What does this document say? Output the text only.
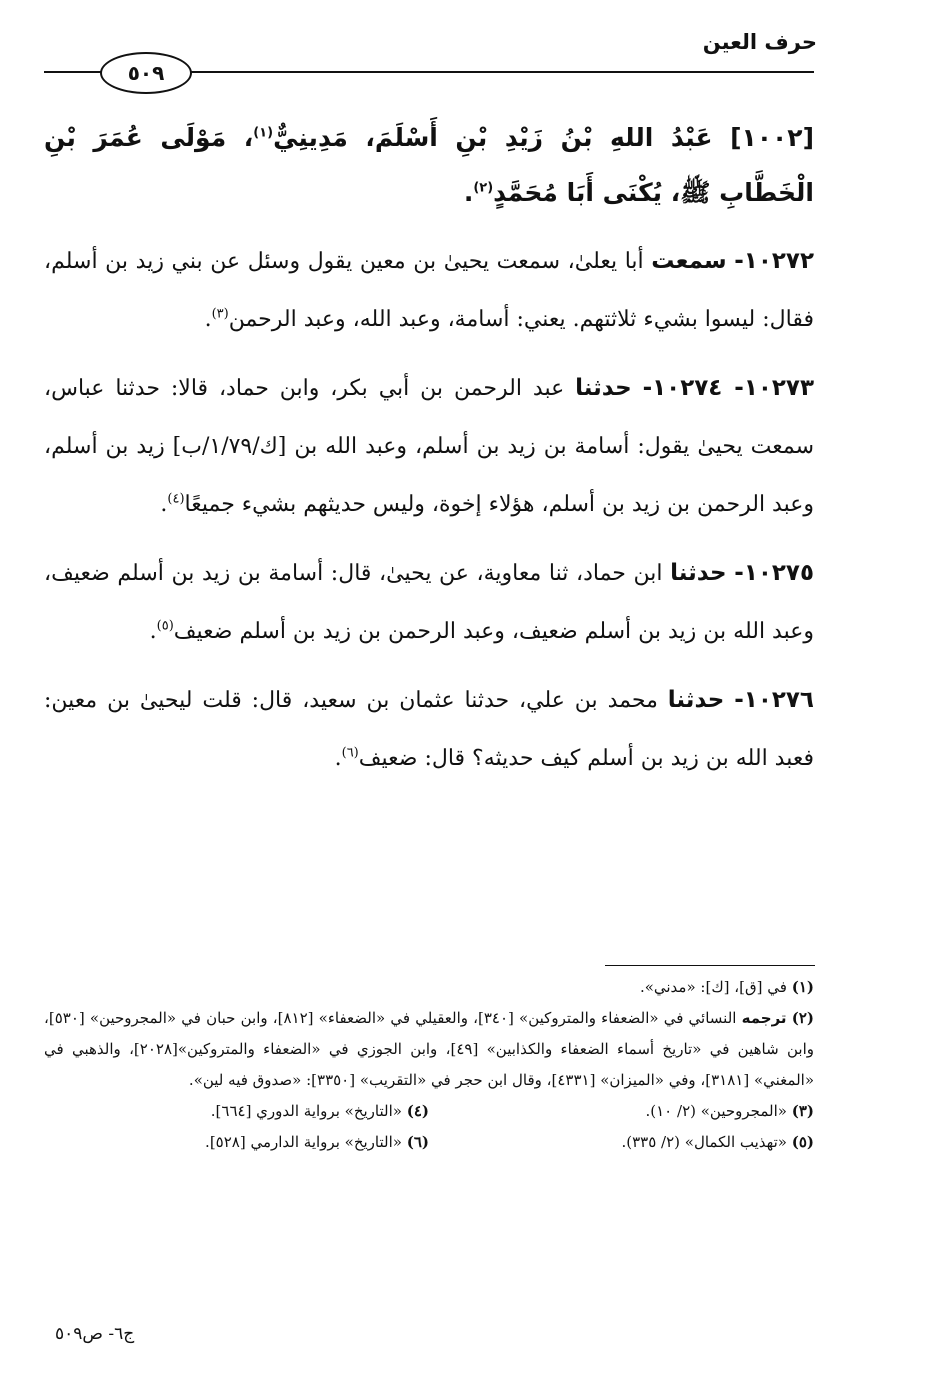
حرف العين
٥٠٩

[١٠٠٢] عَبْدُ اللهِ بْنُ زَيْدِ بْنِ أَسْلَمَ، مَدِينِيٌّ$^{(١)}$، مَوْلَى عُمَرَ بْنِ الْخَطَّابِ ﷺ، يُكْنَى أَبَا مُحَمَّدٍ$^{(٢)}$.

١٠٢٧٢- سمعت أبا يعلىٰ، سمعت يحيىٰ بن معين يقول وسئل عن بني زيد بن أسلم، فقال: ليسوا بشيء ثلاثتهم. يعني: أسامة، وعبد الله، وعبد الرحمن$^{(٣)}$.

١٠٢٧٣- ١٠٢٧٤- حدثنا عبد الرحمن بن أبي بكر، وابن حماد، قالا: حدثنا عباس، سمعت يحيىٰ يقول: أسامة بن زيد بن أسلم، وعبد الله بن [ك/١/٧٩/ب] زيد بن أسلم، وعبد الرحمن بن زيد بن أسلم، هؤلاء إخوة، وليس حديثهم بشيء جميعًا$^{(٤)}$.

١٠٢٧٥- حدثنا ابن حماد، ثنا معاوية، عن يحيىٰ، قال: أسامة بن زيد بن أسلم ضعيف، وعبد الله بن زيد بن أسلم ضعيف، وعبد الرحمن بن زيد بن أسلم ضعيف$^{(٥)}$.

١٠٢٧٦- حدثنا محمد بن علي، حدثنا عثمان بن سعيد، قال: قلت ليحيىٰ بن معين: فعبد الله بن زيد بن أسلم كيف حديثه؟ قال: ضعيف$^{(٦)}$.

(١) في [ق]، [ك]: «مدني».
(٢) ترجمه النسائي في «الضعفاء والمتروكين» [٣٤٠]، والعقيلي في «الضعفاء» [٨١٢]، وابن حبان في «المجروحين» [٥٣٠]، وابن شاهين في «تاريخ أسماء الضعفاء والكذابين» [٤٩]، وابن الجوزي في «الضعفاء والمتروكين»[٢٠٢٨]، والذهبي في «المغني» [٣١٨١]، وفي «الميزان» [٤٣٣١]، وقال ابن حجر في «التقريب» [٣٣٥٠]: «صدوق فيه لين».
(٣) «المجروحين» (٢/ ١٠).
(٤) «التاريخ» برواية الدوري [٦٦٤].
(٥) «تهذيب الكمال» (٢/ ٣٣٥).
(٦) «التاريخ» برواية الدارمي [٥٢٨].
ج٦- ص٥٠٩
